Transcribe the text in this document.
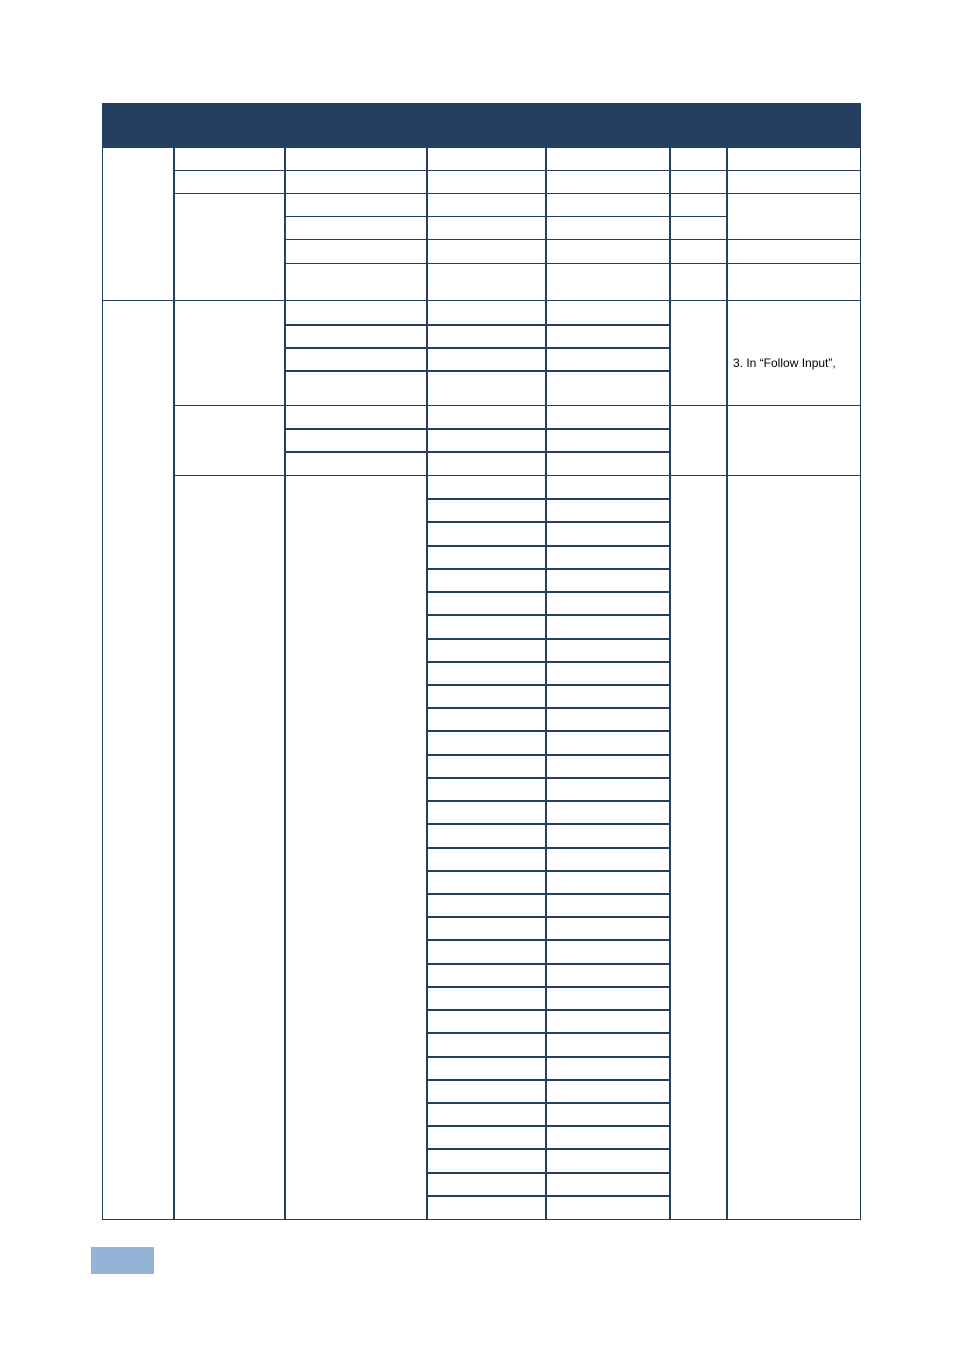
3. In “Follow Input”,
